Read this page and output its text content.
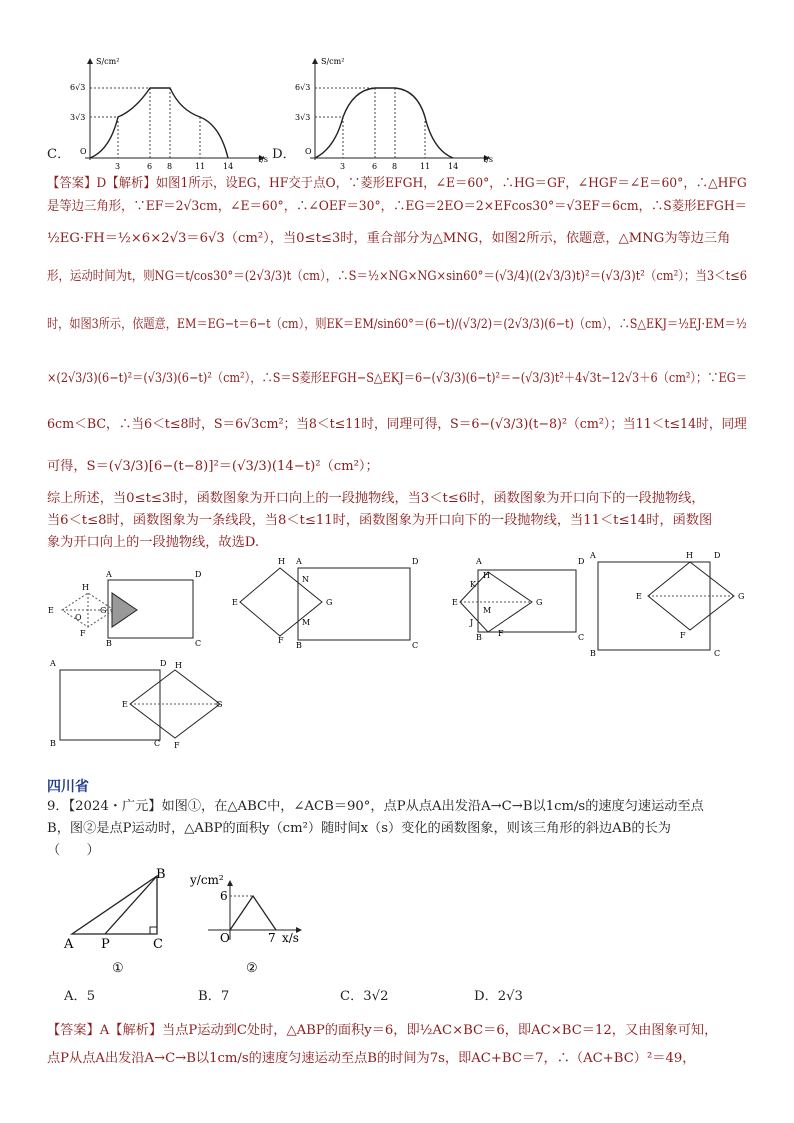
S/cm²
t/s
O
6√3
3√3
3	6 8	11 14
S/cm²
t/s
O
6√3
3√3
3	6 8	11 14
C．	D．
【答案】D【解析】如图1所示，设EG，HF交于点O，∵菱形EFGH，∠E＝60°，∴HG＝GF，∠HGF＝∠E＝60°，∴△HFG
是等边三角形，∵EF＝2√3cm，∠E＝60°，∴∠OEF＝30°，∴EG＝2EO＝2×EFcos30°＝√3EF＝6cm，∴S菱形EFGH＝
½EG·FH＝½×6×2√3＝6√3（cm²），当0≤t≤3时，重合部分为△MNG，如图2所示，依题意，△MNG为等边三角
形，运动时间为t，则NG＝t/cos30°＝(2√3/3)t（cm），∴S＝½×NG×NG×sin60°＝(√3/4)((2√3/3)t)²＝(√3/3)t²（cm²）；当3＜t≤6
时，如图3所示，依题意，EM＝EG−t＝6−t（cm），则EK＝EM/sin60°＝(6−t)/(√3/2)＝(2√3/3)(6−t)（cm），∴S△EKJ＝½EJ·EM＝½
×(2√3/3)(6−t)²＝(√3/3)(6−t)²（cm²），∴S＝S菱形EFGH−S△EKJ＝6−(√3/3)(6−t)²＝−(√3/3)t²＋4√3t−12√3＋6（cm²）；∵EG＝
6cm＜BC，∴当6＜t≤8时，S＝6√3cm²；当8＜t≤11时，同理可得，S＝6−(√3/3)(t−8)²（cm²）；当11＜t≤14时，同理
可得，S＝(√3/3)[6−(t−8)]²＝(√3/3)(14−t)²（cm²）；
综上所述，当0≤t≤3时，函数图象为开口向上的一段抛物线，当3＜t≤6时，函数图象为开口向下的一段抛物线，
当6＜t≤8时，函数图象为一条线段，当8＜t≤11时，函数图象为开口向下的一段抛物线，当11＜t≤14时，函数图
象为开口向上的一段抛物线，故选D.
A	D
B	C
E
H
O
F
G
A	D
B	C
E
H
N
G
M
F
A	D
B	C
E
H
K
M
J
G
F
A	D
B	C
E
H
G
F
A	D
B	C
E
H
G
F
四川省
9．【2024・广元】如图①，在△ABC中，∠ACB＝90°，点P从点A出发沿A→C→B以1cm/s的速度匀速运动至点
B，图②是点P运动时，△ABP的面积y（cm²）随时间x（s）变化的函数图象，则该三角形的斜边AB的长为
（　　）
A P	C
B
O
6
7 x/s
y/cm²
①	②
A．5	B．7	C．3√2	D．2√3
【答案】A【解析】当点P运动到C处时，△ABP的面积y＝6，即½AC×BC＝6，即AC×BC＝12，又由图象可知，
点P从点A出发沿A→C→B以1cm/s的速度匀速运动至点B的时间为7s，即AC+BC＝7，∴（AC+BC）²＝49，
